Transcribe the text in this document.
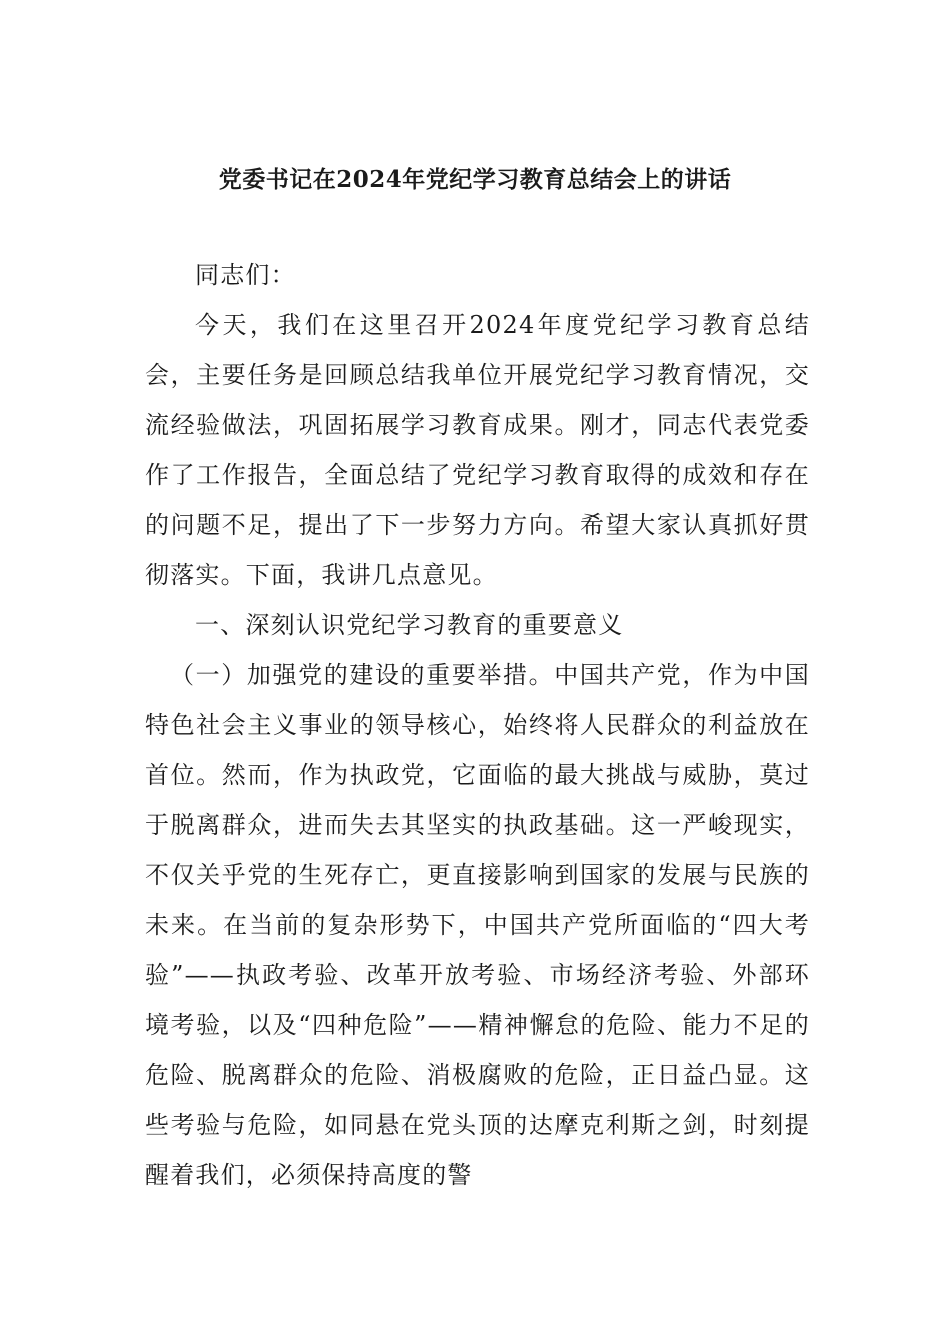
党委书记在2024年党纪学习教育总结会上的讲话

同志们：

今天，我们在这里召开2024年度党纪学习教育总结会，主要任务是回顾总结我单位开展党纪学习教育情况，交流经验做法，巩固拓展学习教育成果。刚才，同志代表党委作了工作报告，全面总结了党纪学习教育取得的成效和存在的问题不足，提出了下一步努力方向。希望大家认真抓好贯彻落实。下面，我讲几点意见。

一、深刻认识党纪学习教育的重要意义

（一）加强党的建设的重要举措。中国共产党，作为中国特色社会主义事业的领导核心，始终将人民群众的利益放在首位。然而，作为执政党，它面临的最大挑战与威胁，莫过于脱离群众，进而失去其坚实的执政基础。这一严峻现实，不仅关乎党的生死存亡，更直接影响到国家的发展与民族的未来。在当前的复杂形势下，中国共产党所面临的“四大考验”——执政考验、改革开放考验、市场经济考验、外部环境考验，以及“四种危险”——精神懈怠的危险、能力不足的危险、脱离群众的危险、消极腐败的危险，正日益凸显。这些考验与危险，如同悬在党头顶的达摩克利斯之剑，时刻提醒着我们，必须保持高度的警
